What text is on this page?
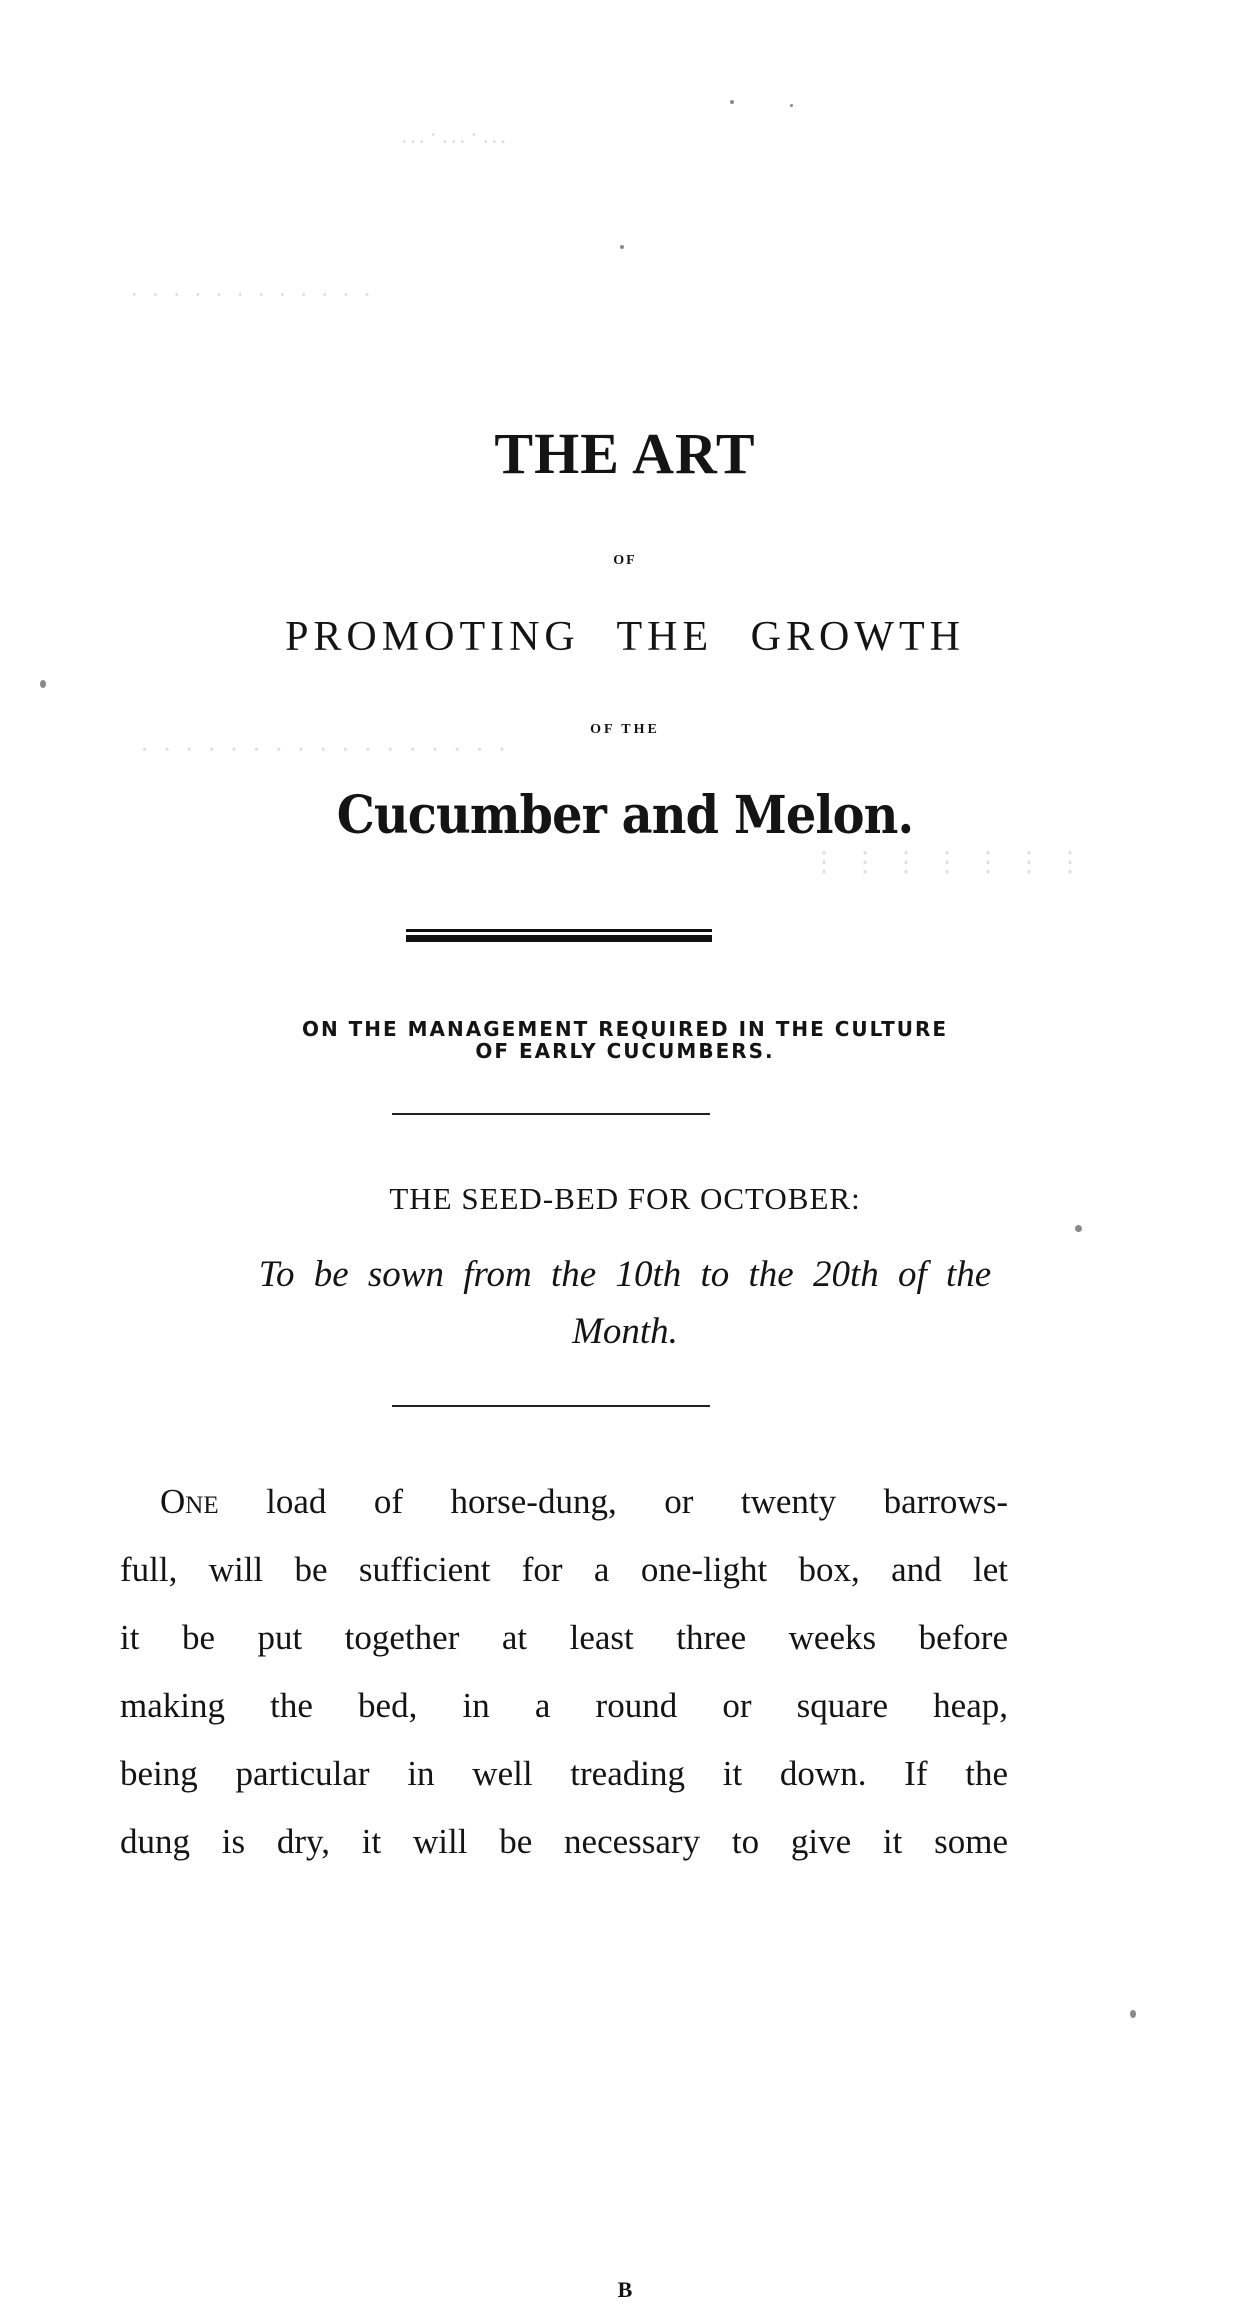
…·…·…
· · · · · · · · · · · ·
· · · · · · · · · · · · · · · · ·
⋮ ⋮ ⋮ ⋮ ⋮ ⋮ ⋮
THE ART
OF
PROMOTING THE GROWTH
OF THE
Cucumber and Melon.
ON THE MANAGEMENT REQUIRED IN THE CULTURE
OF EARLY CUCUMBERS.
THE SEED-BED FOR OCTOBER:
To be sown from the 10th to the 20th of the
Month.
One load of horse-dung, or twenty barrows-
full, will be sufficient for a one-light box, and let
it be put together at least three weeks before
making the bed, in a round or square heap,
being particular in well treading it down. If the
dung is dry, it will be necessary to give it some
B
